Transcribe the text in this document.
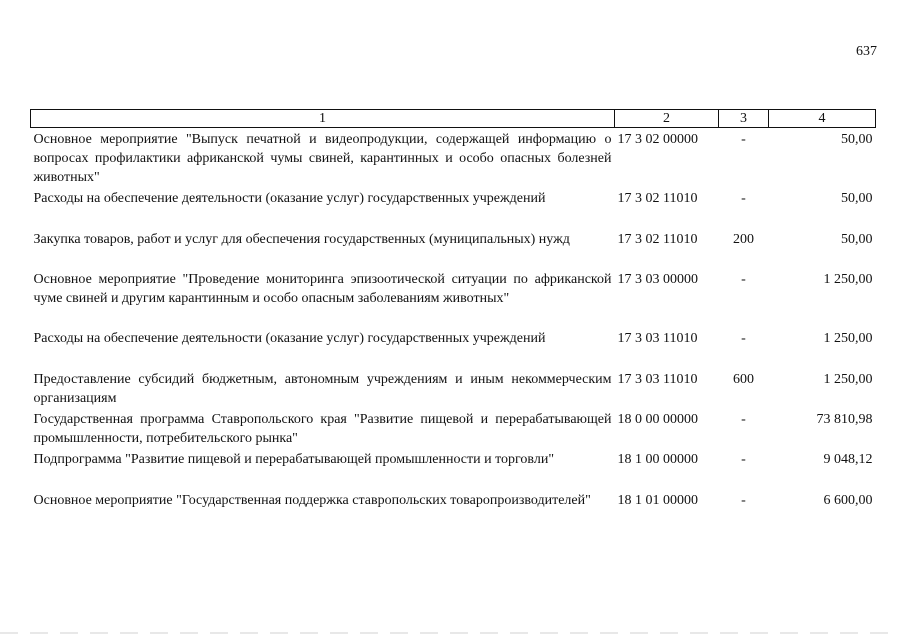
637
1	2	3	4
Основное мероприятие "Выпуск печатной и видеопродукции, содержащей информацию о вопросах профилактики африканской чумы свиней, карантинных и особо опасных болезней животных"	17 3 02 00000	-	50,00
Расходы на обеспечение деятельности (оказание услуг) государственных учреждений	17 3 02 11010	-	50,00
Закупка товаров, работ и услуг для обеспечения государственных (муниципальных) нужд	17 3 02 11010	200	50,00
Основное мероприятие "Проведение мониторинга эпизоотической ситуации по африканской чуме свиней и другим карантинным и особо опасным заболеваниям животных"	17 3 03 00000	-	1 250,00
Расходы на обеспечение деятельности (оказание услуг) государственных учреждений	17 3 03 11010	-	1 250,00
Предоставление субсидий бюджетным, автономным учреждениям и иным некоммерческим организациям	17 3 03 11010	600	1 250,00
Государственная программа Ставропольского края "Развитие пищевой и перерабатывающей промышленности, потребительского рынка"	18 0 00 00000	-	73 810,98
Подпрограмма "Развитие пищевой и перерабатывающей промышленности и торговли"	18 1 00 00000	-	9 048,12
Основное мероприятие "Государственная поддержка ставропольских товаропроизводителей"	18 1 01 00000	-	6 600,00
